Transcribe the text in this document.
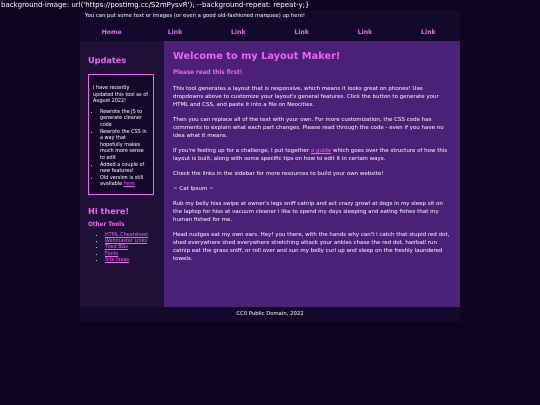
background-image: url('https://postimg.cc/S2mPysvR'); --background-repeat: repeat-y;}
You can put some text or images (or even a good old-fashioned marquee) up here!
Home	Link	Link	Link	Link	Link
Updates
I have recently updated this tool as of August 2022!
• Rewrote the JS to generate cleaner code
• Rewrote the CSS in a way that hopefully makes much more sense to edit
• Added a couple of new features!
• Old version is still available here
Hi there!
Other Tools
• HTML Cheatsheet
• Webmaster Links
• Tiled BGs
• Fonts
• Site Ideas
Welcome to my Layout Maker!
Please read this first!

This tool generates a layout that is responsive, which means it looks great on phones! Use dropdowns above to customize your layout's general features. Click the button to generate your HTML and CSS, and paste it into a file on Neocities.

Then you can replace all of the text with your own. For more customization, the CSS code has comments to explain what each part changes. Please read through the code - even if you have no idea what it means.

If you're feeling up for a challenge, I put together a guide which goes over the structure of how this layout is built, along with some specific tips on how to edit it in certain ways.

Check the links in the sidebar for more resources to build your own website!

~ Cat Ipsum ~

Rub my belly hiss swipe at owner's legs sniff catnip and act crazy growl at dogs in my sleep sit on the laptop for hiss at vacuum cleaner i like to spend my days sleeping and eating fishes that my human fished for me.

Head nudges eat my own ears. Hey! you there, with the hands why can't i catch that stupid red dot, shed everywhere shed everywhere stretching attack your ankles chase the red dot, hairball run catnip eat the grass sniff, or roll over and sun my belly curl up and sleep on the freshly laundered towels.

CC0 Public Domain, 2022
